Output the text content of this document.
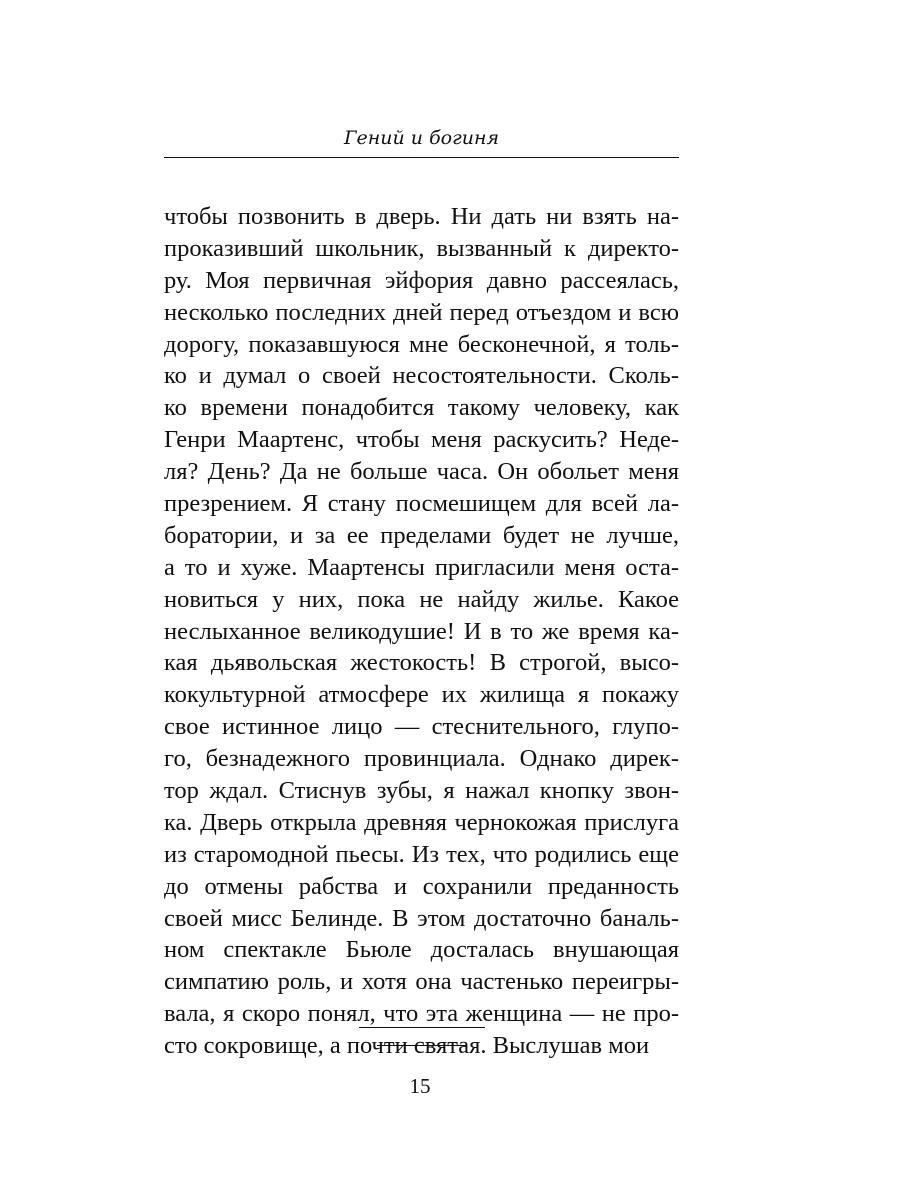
Гений и богиня
чтобы позвонить в дверь. Ни дать ни взять на-
проказивший школьник, вызванный к директо-
ру. Моя первичная эйфория давно рассеялась,
несколько последних дней перед отъездом и всю
дорогу, показавшуюся мне бесконечной, я толь-
ко и думал о своей несостоятельности. Сколь-
ко времени понадобится такому человеку, как
Генри Маартенс, чтобы меня раскусить? Неде-
ля? День? Да не больше часа. Он обольет меня
презрением. Я стану посмешищем для всей ла-
боратории, и за ее пределами будет не лучше,
а то и хуже. Маартенсы пригласили меня оста-
новиться у них, пока не найду жилье. Какое
неслыханное великодушие! И в то же время ка-
кая дьявольская жестокость! В строгой, высо-
кокультурной атмосфере их жилища я покажу
свое истинное лицо — стеснительного, глупо-
го, безнадежного провинциала. Однако дирек-
тор ждал. Стиснув зубы, я нажал кнопку звон-
ка. Дверь открыла древняя чернокожая прислуга
из старомодной пьесы. Из тех, что родились еще
до отмены рабства и сохранили преданность
своей мисс Белинде. В этом достаточно баналь-
ном спектакле Бьюле досталась внушающая
симпатию роль, и хотя она частенько переигры-
вала, я скоро понял, что эта женщина — не про-
сто сокровище, а почти святая. Выслушав мои
15
